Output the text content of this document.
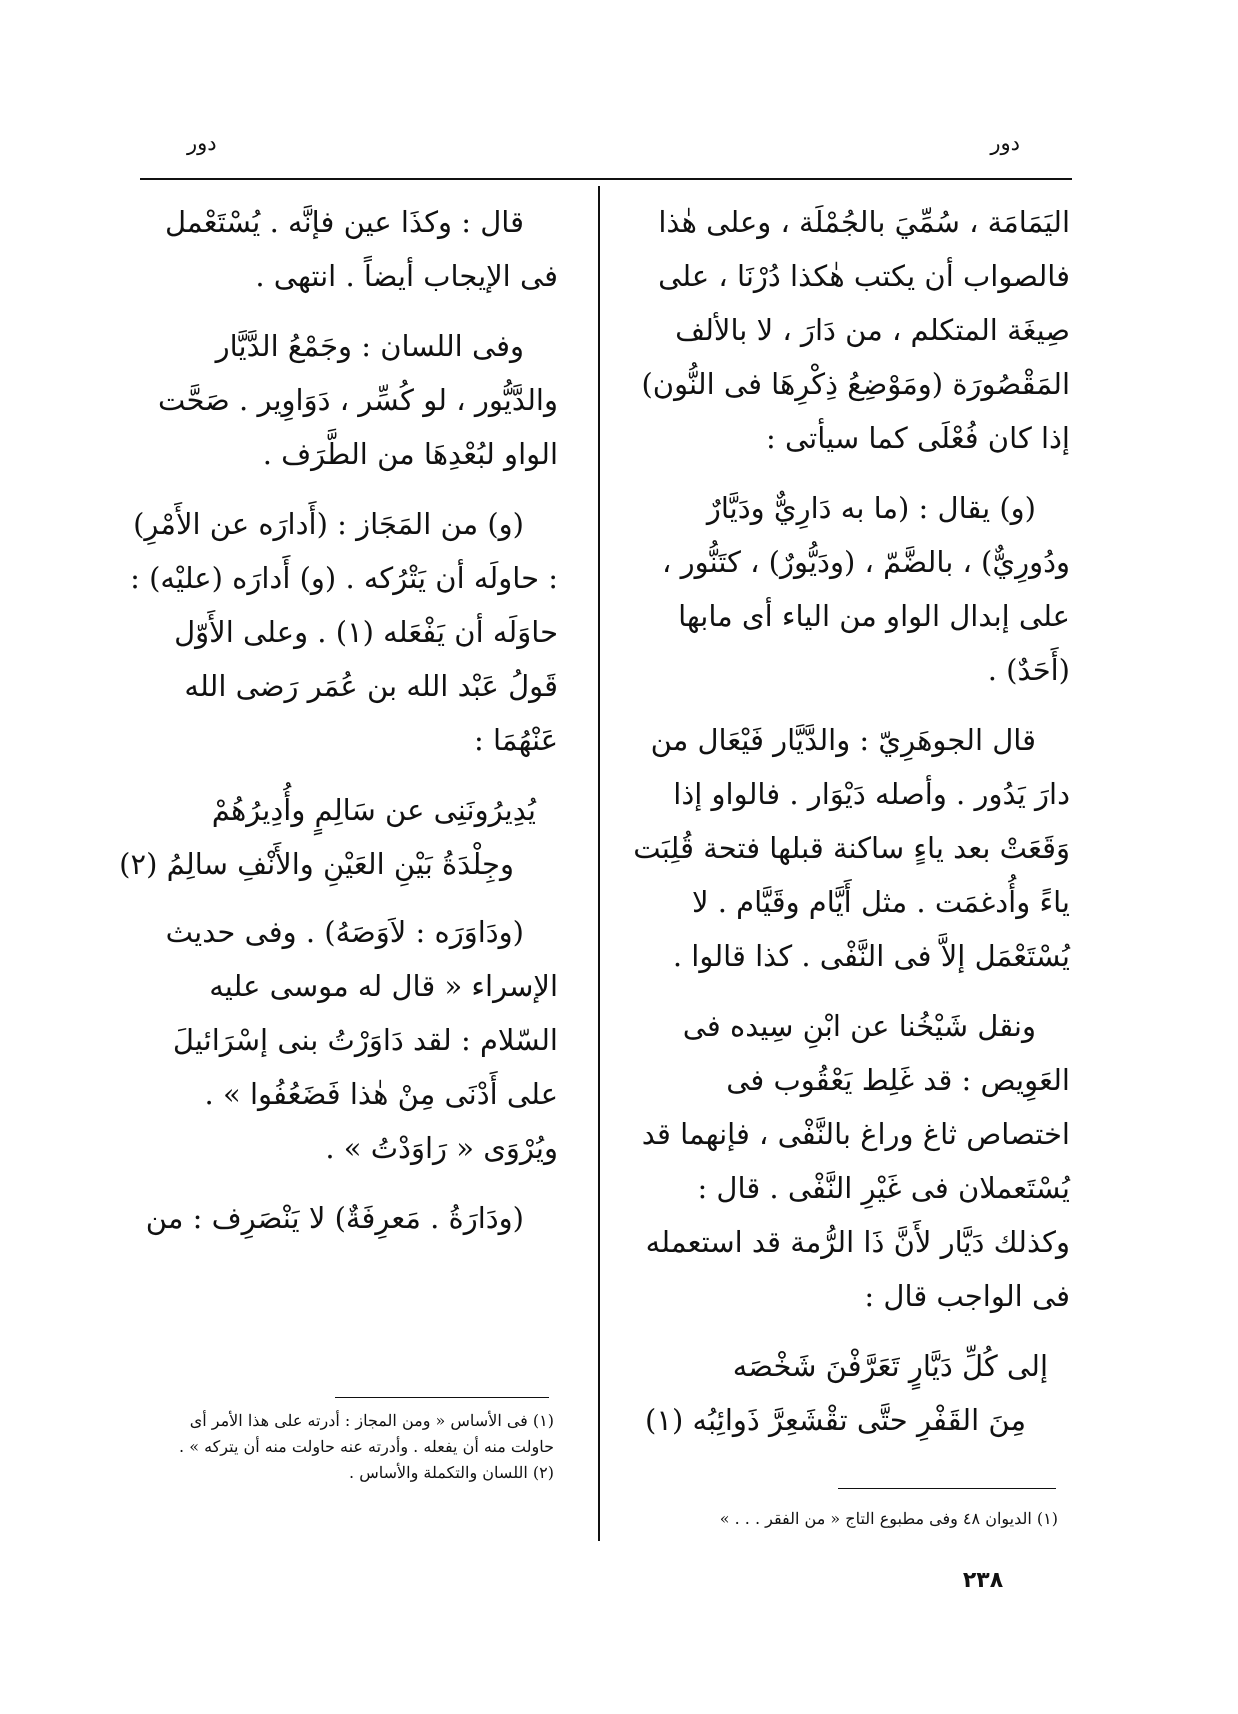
دور
دور

اليَمَامَة ، سُمِّيَ بالجُمْلَة ، وعلى هٰذا فالصواب أن يكتب هٰكذا دُرْنَا ، على صِيغَة المتكلم ، من دَارَ ، لا بالألف المَقْصُورَة (ومَوْضِعُ ذِكْرِهَا فى النُّون) إذا كان فُعْلَى كما سيأتى :

(و) يقال : (ما به دَارِيٌّ ودَيَّارٌ ودُورِيٌّ) ، بالضَّمّ ، (ودَيُّورٌ) ، كتَنُّور ، على إبدال الواو من الياء أى مابها (أَحَدٌ) .

قال الجوهَرِيّ : والدَّيَّار فَيْعَال من دارَ يَدُور . وأصله دَيْوَار . فالواو إذا وَقَعَتْ بعد ياءٍ ساكنة قبلها فتحة قُلِبَت ياءً وأُدغمَت . مثل أَيَّام وقَيَّام . لا يُسْتَعْمَل إلاَّ فى النَّفْى . كذا قالوا .

ونقل شَيْخُنا عن ابْنِ سِيده فى العَوِيص : قد غَلِط يَعْقُوب فى اختصاص ثاغ وراغ بالنَّفْى ، فإنهما قد يُسْتَعملان فى غَيْرِ النَّفْى . قال : وكذلك دَيَّار لأَنَّ ذَا الرُّمة قد استعمله فى الواجب قال :

إلى كُلِّ دَيَّارٍ تَعَرَّفْنَ شَخْصَه
مِنَ القَفْرِ حتَّى تقْشَعِرَّ ذَوائِبُه (١)
(١) الديوان ٤٨ وفى مطبوع التاج « من الفقر . . . »

قال : وكذَا عين فإنَّه . يُسْتَعْمل فى الإيجاب أيضاً . انتهى .

وفى اللسان : وجَمْعُ الدَّيَّار والدَّيُّور ، لو كُسِّر ، دَوَاوِير . صَحَّت الواو لبُعْدِهَا من الطَّرَف .

(و) من المَجَاز : (أَدارَه عن الأَمْرِ) : حاولَه أن يَتْرُكه . (و) أَدارَه (عليْه) : حاوَلَه أن يَفْعَله (١) . وعلى الأَوّل قَولُ عَبْد الله بن عُمَر رَضى الله عَنْهُمَا :

يُدِيرُونَنِى عن سَالِمٍ وأُدِيرُهُمْ
وجِلْدَةُ بَيْنِ العَيْنِ والأَنْفِ سالِمُ (٢)

(ودَاوَرَه : لاَوَصَهُ) . وفى حديث الإسراء « قال له موسى عليه السّلام : لقد دَاوَرْتُ بنى إسْرَائيلَ على أَدْنَى مِنْ هٰذا فَضَعُفُوا » . ويُرْوَى « رَاوَدْتُ » .

(ودَارَةُ . مَعرِفَةٌ) لا يَنْصَرِف : من

(١) فى الأساس « ومن المجاز : أدرته على هذا الأمر أى حاولت منه أن يفعله . وأدرته عنه حاولت منه أن يتركه » .
(٢) اللسان والتكملة والأساس .
٢٣٨
